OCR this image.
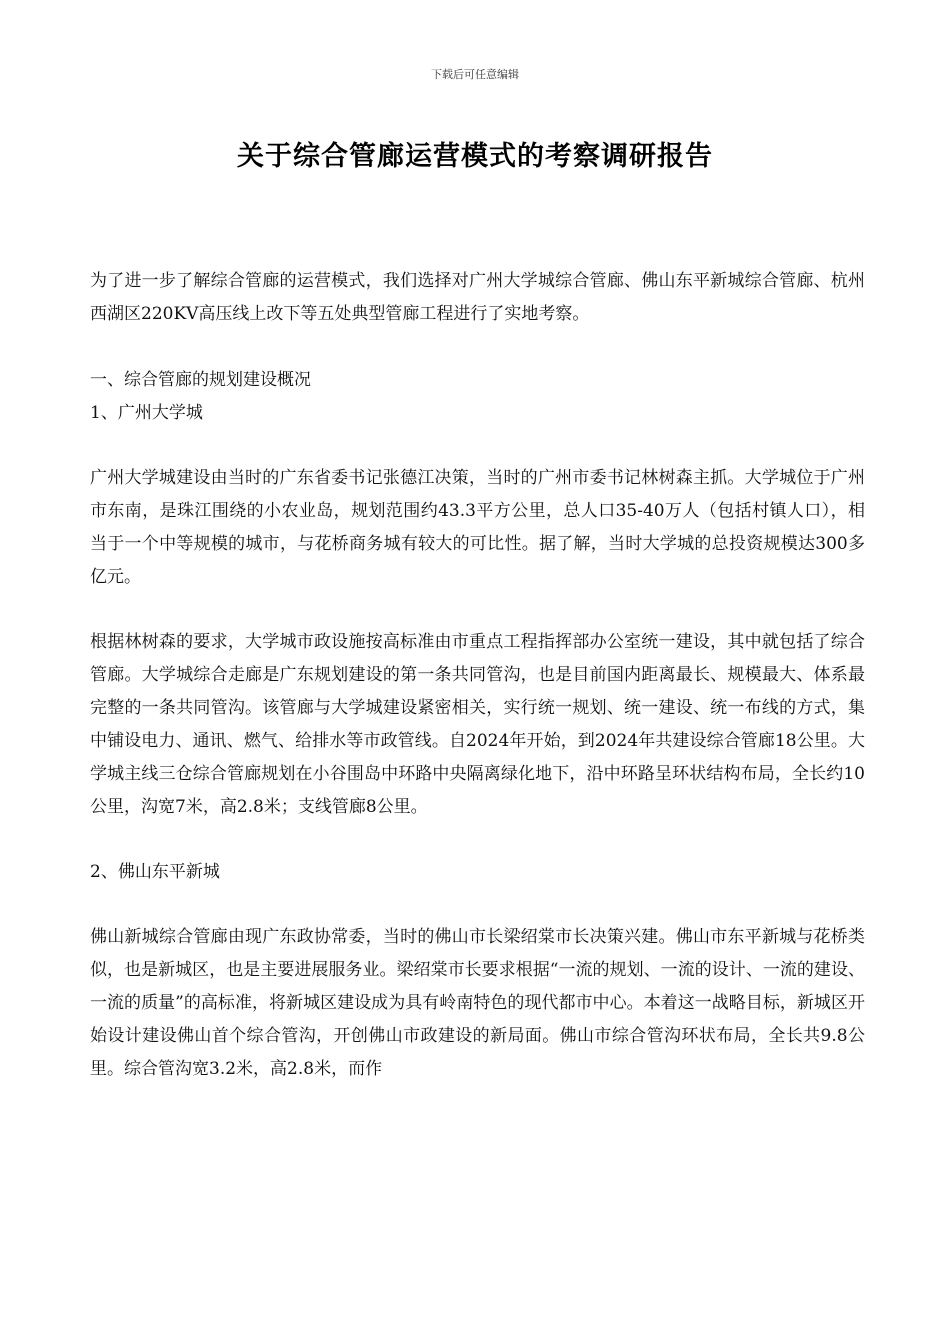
下载后可任意编辑
关于综合管廊运营模式的考察调研报告

为了进一步了解综合管廊的运营模式，我们选择对广州大学城综合管廊、佛山东平新城综合管廊、杭州西湖区220KV高压线上改下等五处典型管廊工程进行了实地考察。

一、综合管廊的规划建设概况

1、广州大学城

广州大学城建设由当时的广东省委书记张德江决策，当时的广州市委书记林树森主抓。大学城位于广州市东南，是珠江围绕的小农业岛，规划范围约43.3平方公里，总人口35-40万人（包括村镇人口），相当于一个中等规模的城市，与花桥商务城有较大的可比性。据了解，当时大学城的总投资规模达300多亿元。

根据林树森的要求，大学城市政设施按高标准由市重点工程指挥部办公室统一建设，其中就包括了综合管廊。大学城综合走廊是广东规划建设的第一条共同管沟，也是目前国内距离最长、规模最大、体系最完整的一条共同管沟。该管廊与大学城建设紧密相关，实行统一规划、统一建设、统一布线的方式，集中铺设电力、通讯、燃气、给排水等市政管线。自2024年开始，到2024年共建设综合管廊18公里。大学城主线三仓综合管廊规划在小谷围岛中环路中央隔离绿化地下，沿中环路呈环状结构布局，全长约10公里，沟宽7米，高2.8米；支线管廊8公里。

2、佛山东平新城

佛山新城综合管廊由现广东政协常委，当时的佛山市长梁绍棠市长决策兴建。佛山市东平新城与花桥类似，也是新城区，也是主要进展服务业。梁绍棠市长要求根据“一流的规划、一流的设计、一流的建设、一流的质量”的高标准，将新城区建设成为具有岭南特色的现代都市中心。本着这一战略目标，新城区开始设计建设佛山首个综合管沟，开创佛山市政建设的新局面。佛山市综合管沟环状布局，全长共9.8公里。综合管沟宽3.2米，高2.8米，而作
